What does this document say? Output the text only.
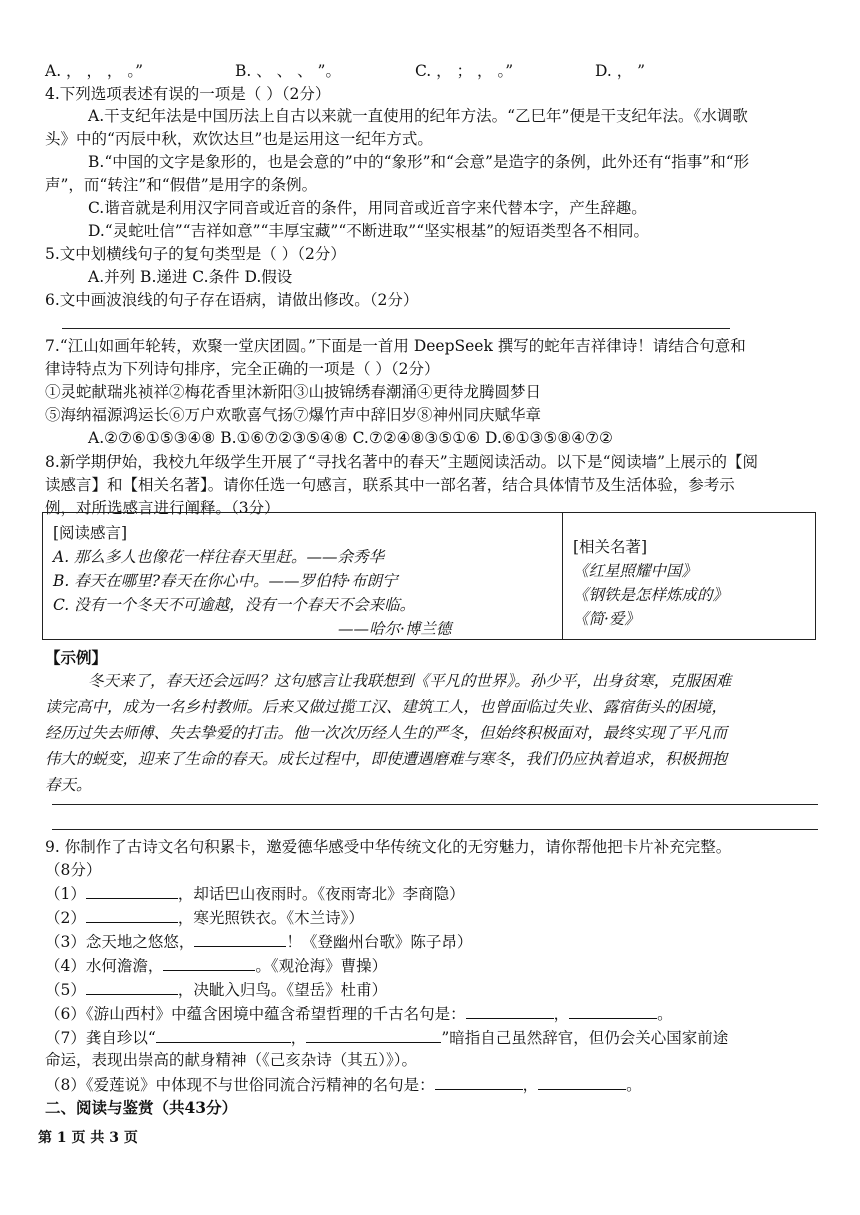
A. ， ， ， 。”	B. 、 、 、 ”。	C. ， ； ， 。”	D. ， ”
4.下列选项表述有误的一项是（ ）（2分）
A.干支纪年法是中国历法上自古以来就一直使用的纪年方法。“乙巳年”便是干支纪年法。《水调歌
头》中的“丙辰中秋，欢饮达旦”也是运用这一纪年方式。
B.“中国的文字是象形的，也是会意的”中的“象形”和“会意”是造字的条例，此外还有“指事”和“形
声”，而“转注”和“假借”是用字的条例。
C.谐音就是利用汉字同音或近音的条件，用同音或近音字来代替本字，产生辞趣。
D.“灵蛇吐信”“吉祥如意”“丰厚宝藏”“不断进取”“坚实根基”的短语类型各不相同。
5.文中划横线句子的复句类型是（ ）（2分）
A.并列 B.递进 C.条件 D.假设
6.文中画波浪线的句子存在语病，请做出修改。（2分）
7.“江山如画年轮转，欢聚一堂庆团圆。”下面是一首用 DeepSeek 撰写的蛇年吉祥律诗！请结合句意和
律诗特点为下列诗句排序，完全正确的一项是（ ）（2分）
①灵蛇献瑞兆祯祥②梅花香里沐新阳③山披锦绣春潮涌④更待龙腾圆梦日
⑤海纳福源鸿运长⑥万户欢歌喜气扬⑦爆竹声中辞旧岁⑧神州同庆赋华章
A.②⑦⑥①⑤③④⑧ B.①⑥⑦②③⑤④⑧ C.⑦②④⑧③⑤①⑥ D.⑥①③⑤⑧④⑦②
8.新学期伊始，我校九年级学生开展了“寻找名著中的春天”主题阅读活动。以下是“阅读墙”上展示的【阅
读感言】和【相关名著】。请你任选一句感言，联系其中一部名著，结合具体情节及生活体验，参考示
例，对所选感言进行阐释。（3分）
[阅读感言]
A. 那么多人也像花一样往春天里赶。——余秀华
B. 春天在哪里?春天在你心中。——罗伯特·布朗宁
C. 没有一个冬天不可逾越，没有一个春天不会来临。
——哈尔·博兰德
[相关名著]
《红星照耀中国》
《钢铁是怎样炼成的》
《简·爱》
【示例】
冬天来了，春天还会远吗？这句感言让我联想到《平凡的世界》。孙少平，出身贫寒，克服困难
读完高中，成为一名乡村教师。后来又做过揽工汉、建筑工人，也曾面临过失业、露宿街头的困境，
经历过失去师傅、失去挚爱的打击。他一次次历经人生的严冬，但始终积极面对，最终实现了平凡而
伟大的蜕变，迎来了生命的春天。成长过程中，即使遭遇磨难与寒冬，我们仍应执着追求，积极拥抱
春天。
9. 你制作了古诗文名句积累卡，邀爱德华感受中华传统文化的无穷魅力，请你帮他把卡片补充完整。
（8分）
（1）	，却话巴山夜雨时。《夜雨寄北》李商隐）
（2）	，寒光照铁衣。《木兰诗》）
（3）念天地之悠悠，	！《登幽州台歌》陈子昂）
（4）水何澹澹，	。《观沧海》曹操）
（5）	，决眦入归鸟。《望岳》杜甫）
（6）《游山西村》中蕴含困境中蕴含希望哲理的千古名句是：	，	。
（7）龚自珍以“	，	”暗指自己虽然辞官，但仍会关心国家前途
命运，表现出崇高的献身精神（《己亥杂诗（其五）》）。
（8）《爱莲说》中体现不与世俗同流合污精神的名句是：	，	。
二、阅读与鉴赏（共43分）
第 1 页 共 3 页
